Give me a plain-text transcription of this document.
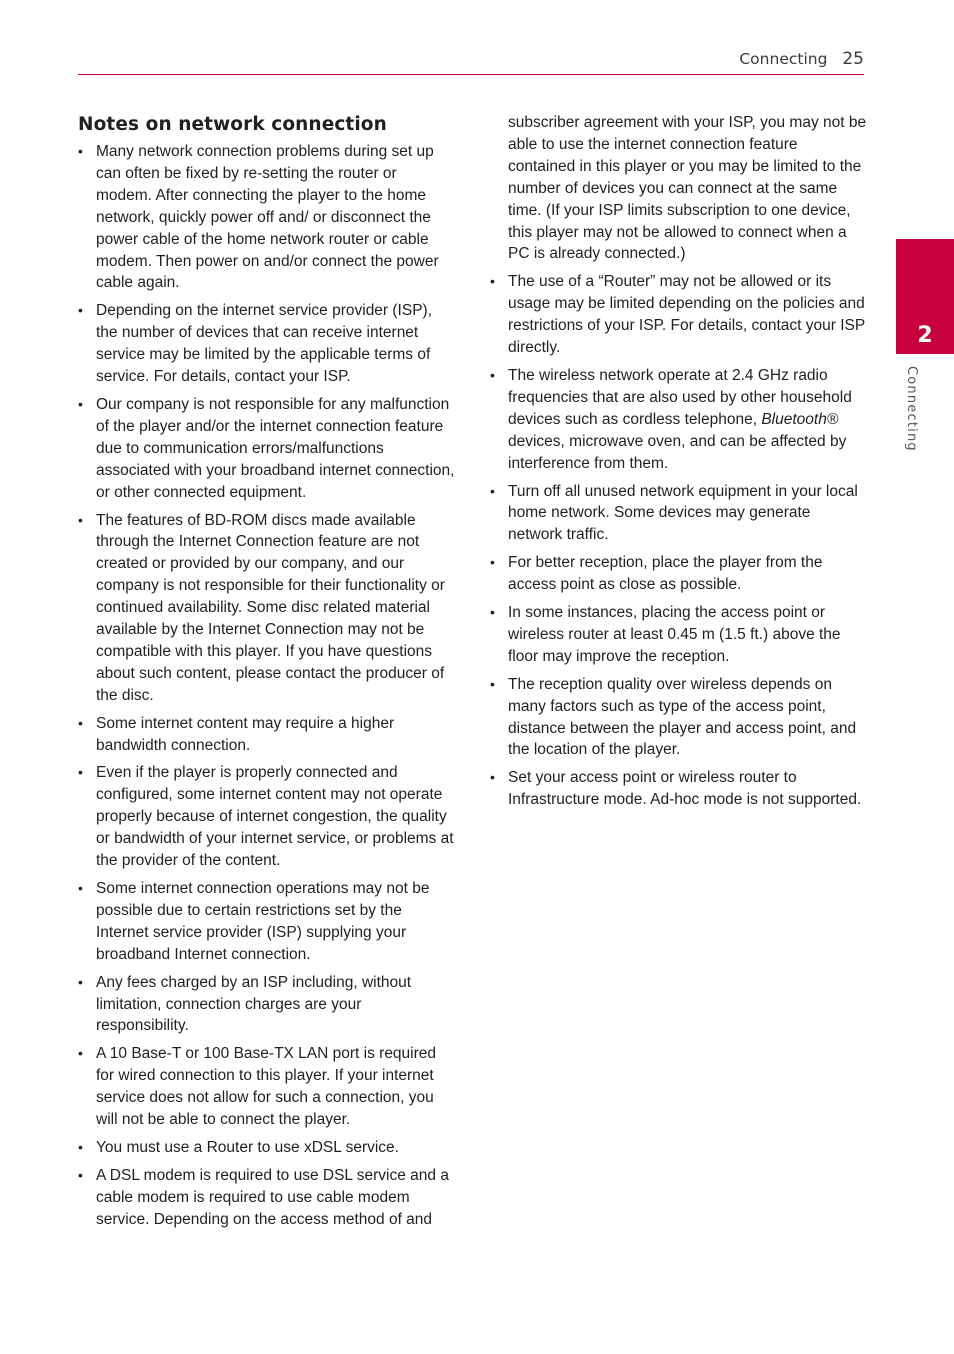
Connecting 25
2
Connecting
Notes on network connection
• Many network connection problems during set up can often be fixed by re-setting the router or modem. After connecting the player to the home network, quickly power off and/ or disconnect the power cable of the home network router or cable modem. Then power on and/or connect the power cable again.
• Depending on the internet service provider (ISP), the number of devices that can receive internet service may be limited by the applicable terms of service. For details, contact your ISP.
• Our company is not responsible for any malfunction of the player and/or the internet connection feature due to communication errors/malfunctions associated with your broadband internet connection, or other connected equipment.
• The features of BD-ROM discs made available through the Internet Connection feature are not created or provided by our company, and our company is not responsible for their functionality or continued availability. Some disc related material available by the Internet Connection may not be compatible with this player. If you have questions about such content, please contact the producer of the disc.
• Some internet content may require a higher bandwidth connection.
• Even if the player is properly connected and configured, some internet content may not operate properly because of internet congestion, the quality or bandwidth of your internet service, or problems at the provider of the content.
• Some internet connection operations may not be possible due to certain restrictions set by the Internet service provider (ISP) supplying your broadband Internet connection.
• Any fees charged by an ISP including, without limitation, connection charges are your responsibility.
• A 10 Base-T or 100 Base-TX LAN port is required for wired connection to this player. If your internet service does not allow for such a connection, you will not be able to connect the player.
• You must use a Router to use xDSL service.
• A DSL modem is required to use DSL service and a cable modem is required to use cable modem service. Depending on the access method of and

subscriber agreement with your ISP, you may not be able to use the internet connection feature contained in this player or you may be limited to the number of devices you can connect at the same time. (If your ISP limits subscription to one device, this player may not be allowed to connect when a PC is already connected.)

• The use of a “Router” may not be allowed or its usage may be limited depending on the policies and restrictions of your ISP. For details, contact your ISP directly.
• The wireless network operate at 2.4 GHz radio frequencies that are also used by other household devices such as cordless telephone, Bluetooth® devices, microwave oven, and can be affected by interference from them.
• Turn off all unused network equipment in your local home network. Some devices may generate network traffic.
• For better reception, place the player from the access point as close as possible.
• In some instances, placing the access point or wireless router at least 0.45 m (1.5 ft.) above the floor may improve the reception.
• The reception quality over wireless depends on many factors such as type of the access point, distance between the player and access point, and the location of the player.
• Set your access point or wireless router to Infrastructure mode. Ad-hoc mode is not supported.
